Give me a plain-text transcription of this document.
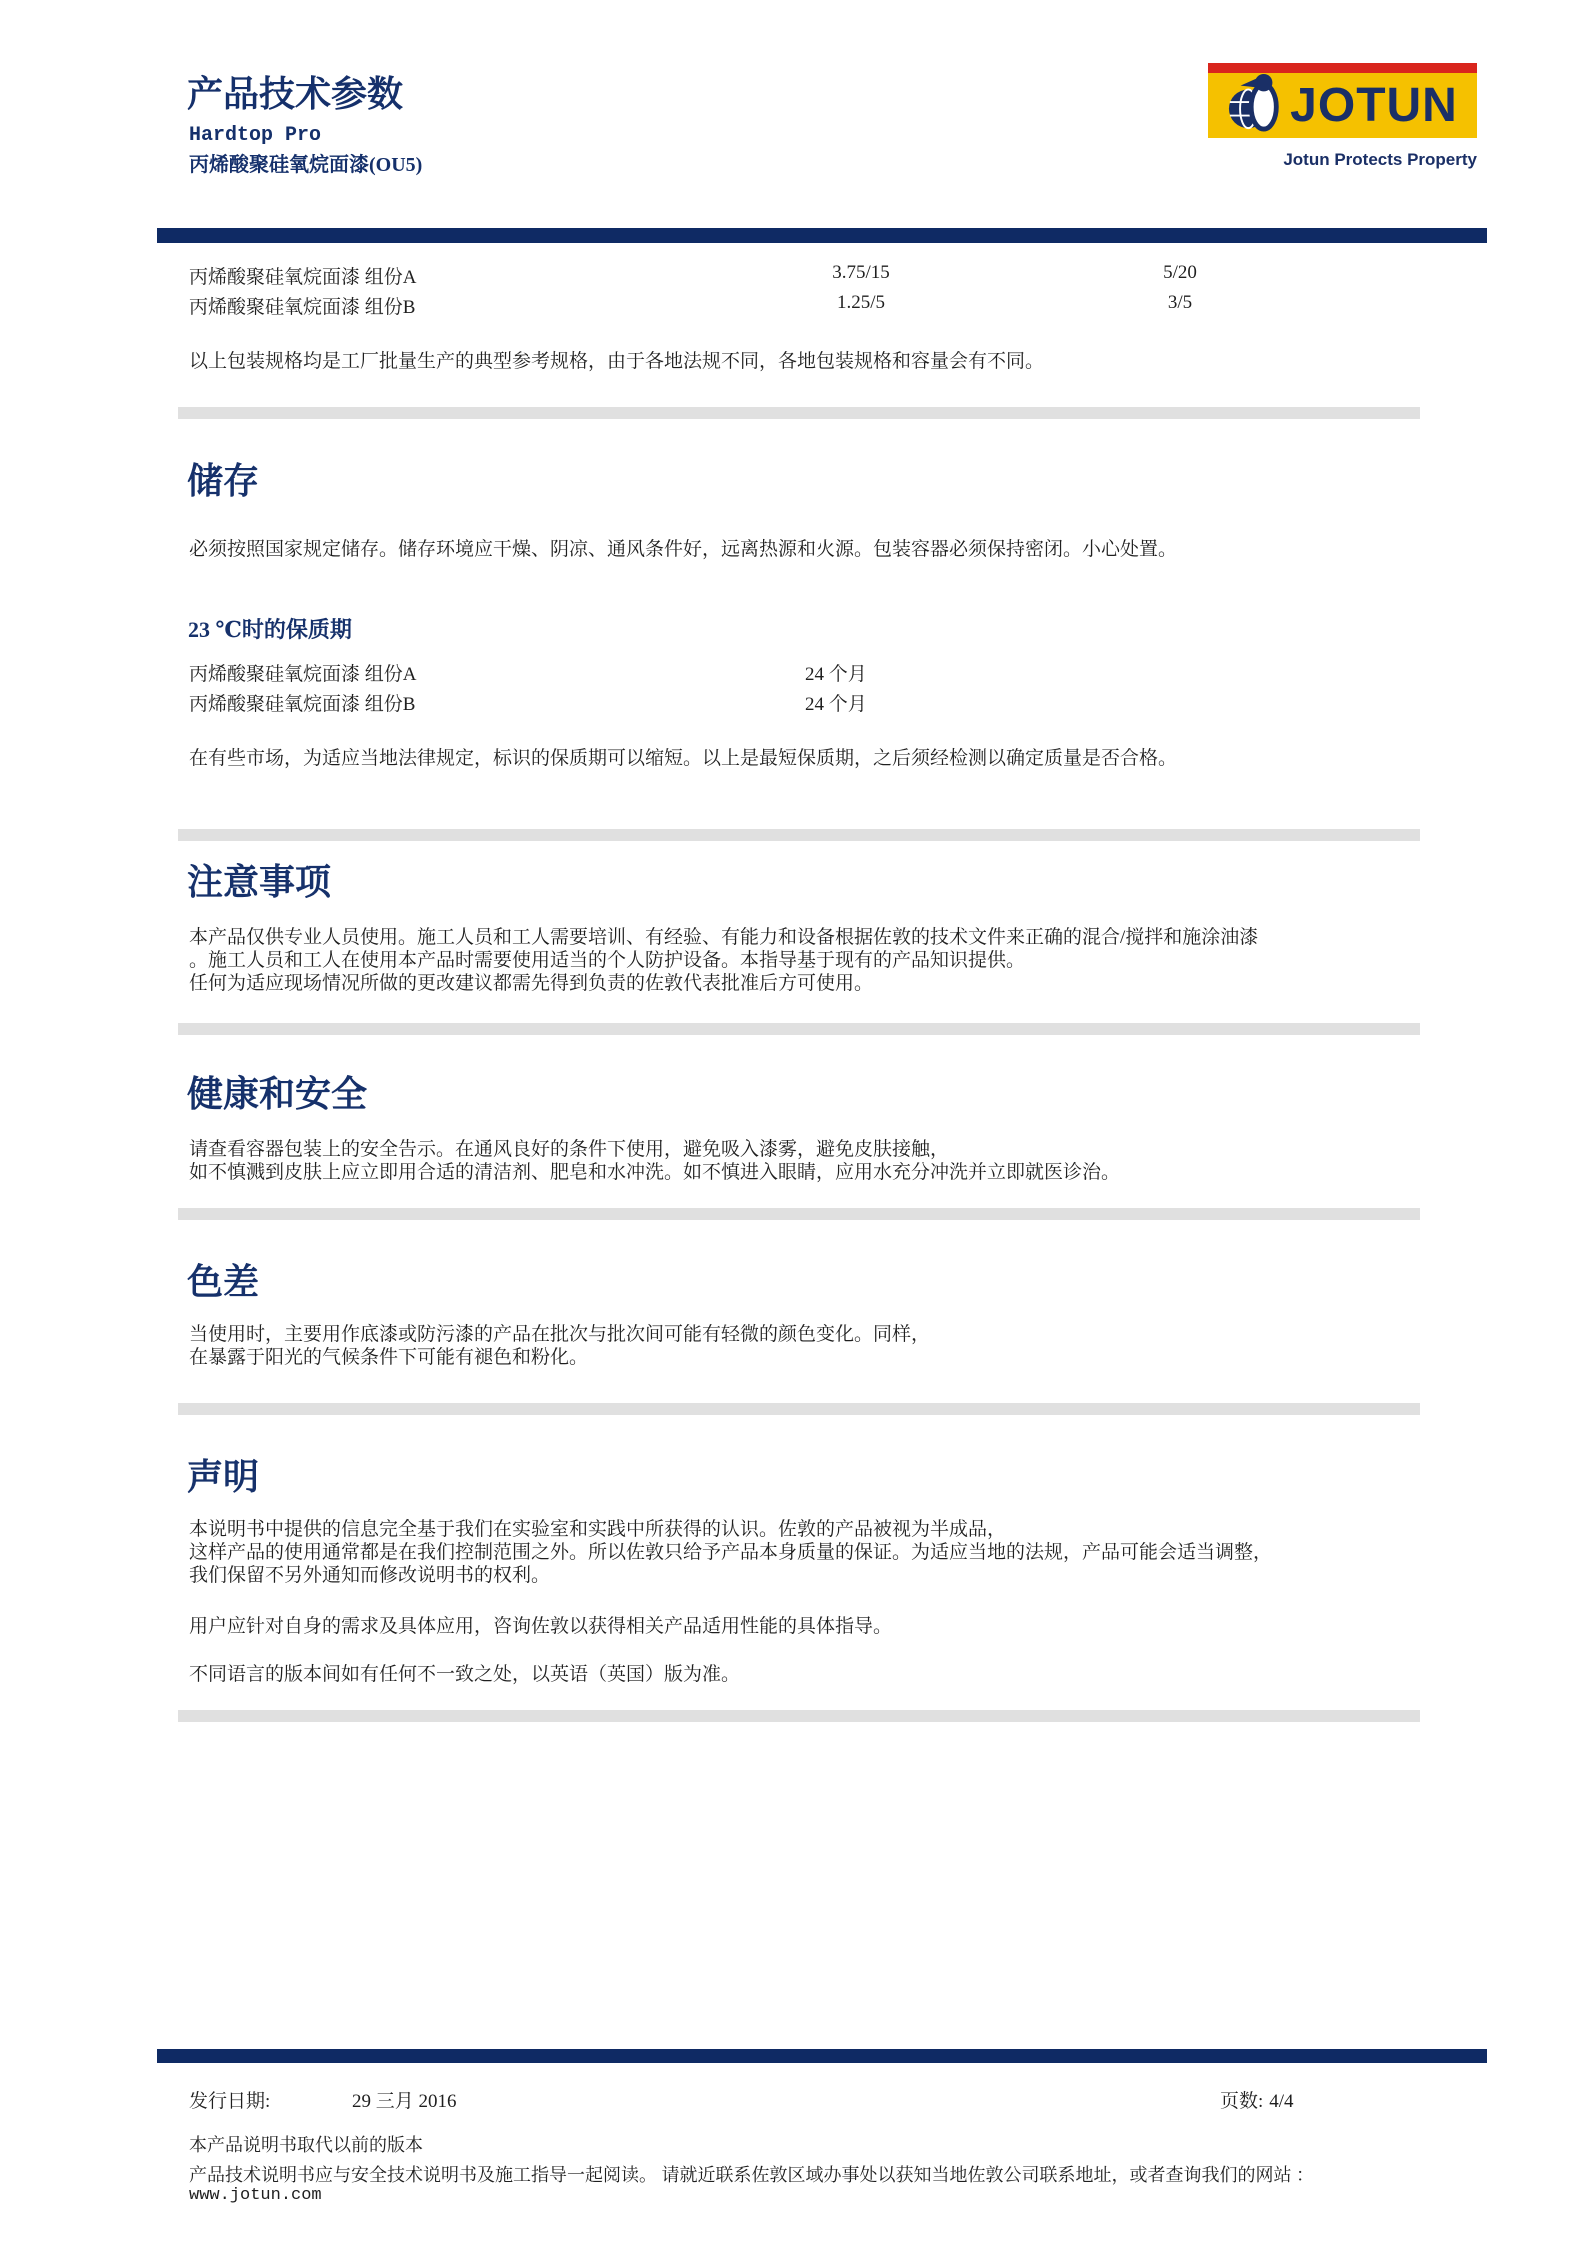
产品技术参数
Hardtop Pro
丙烯酸聚硅氧烷面漆(OU5)
JOTUN
Jotun Protects Property
丙烯酸聚硅氧烷面漆 组份A	3.75/15	5/20
丙烯酸聚硅氧烷面漆 组份B	1.25/5	3/5
以上包装规格均是工厂批量生产的典型参考规格，由于各地法规不同，各地包装规格和容量会有不同。
储存
必须按照国家规定储存。储存环境应干燥、阴凉、通风条件好，远离热源和火源。包装容器必须保持密闭。小心处置。
23 ℃时的保质期
丙烯酸聚硅氧烷面漆 组份A	24 个月
丙烯酸聚硅氧烷面漆 组份B	24 个月
在有些市场，为适应当地法律规定，标识的保质期可以缩短。以上是最短保质期，之后须经检测以确定质量是否合格。
注意事项
本产品仅供专业人员使用。施工人员和工人需要培训、有经验、有能力和设备根据佐敦的技术文件来正确的混合/搅拌和施涂油漆
。施工人员和工人在使用本产品时需要使用适当的个人防护设备。本指导基于现有的产品知识提供。
任何为适应现场情况所做的更改建议都需先得到负责的佐敦代表批准后方可使用。
健康和安全
请查看容器包装上的安全告示。在通风良好的条件下使用，避免吸入漆雾，避免皮肤接触，
如不慎溅到皮肤上应立即用合适的清洁剂、肥皂和水冲洗。如不慎进入眼睛，应用水充分冲洗并立即就医诊治。
色差
当使用时，主要用作底漆或防污漆的产品在批次与批次间可能有轻微的颜色变化。同样，
在暴露于阳光的气候条件下可能有褪色和粉化。
声明
本说明书中提供的信息完全基于我们在实验室和实践中所获得的认识。佐敦的产品被视为半成品，
这样产品的使用通常都是在我们控制范围之外。所以佐敦只给予产品本身质量的保证。为适应当地的法规，产品可能会适当调整，
我们保留不另外通知而修改说明书的权利。
用户应针对自身的需求及具体应用，咨询佐敦以获得相关产品适用性能的具体指导。
不同语言的版本间如有任何不一致之处，以英语（英国）版为准。
发行日期:	29 三月 2016	页数: 4/4
本产品说明书取代以前的版本
产品技术说明书应与安全技术说明书及施工指导一起阅读。 请就近联系佐敦区域办事处以获知当地佐敦公司联系地址，或者查询我们的网站 ：
www.jotun.com
